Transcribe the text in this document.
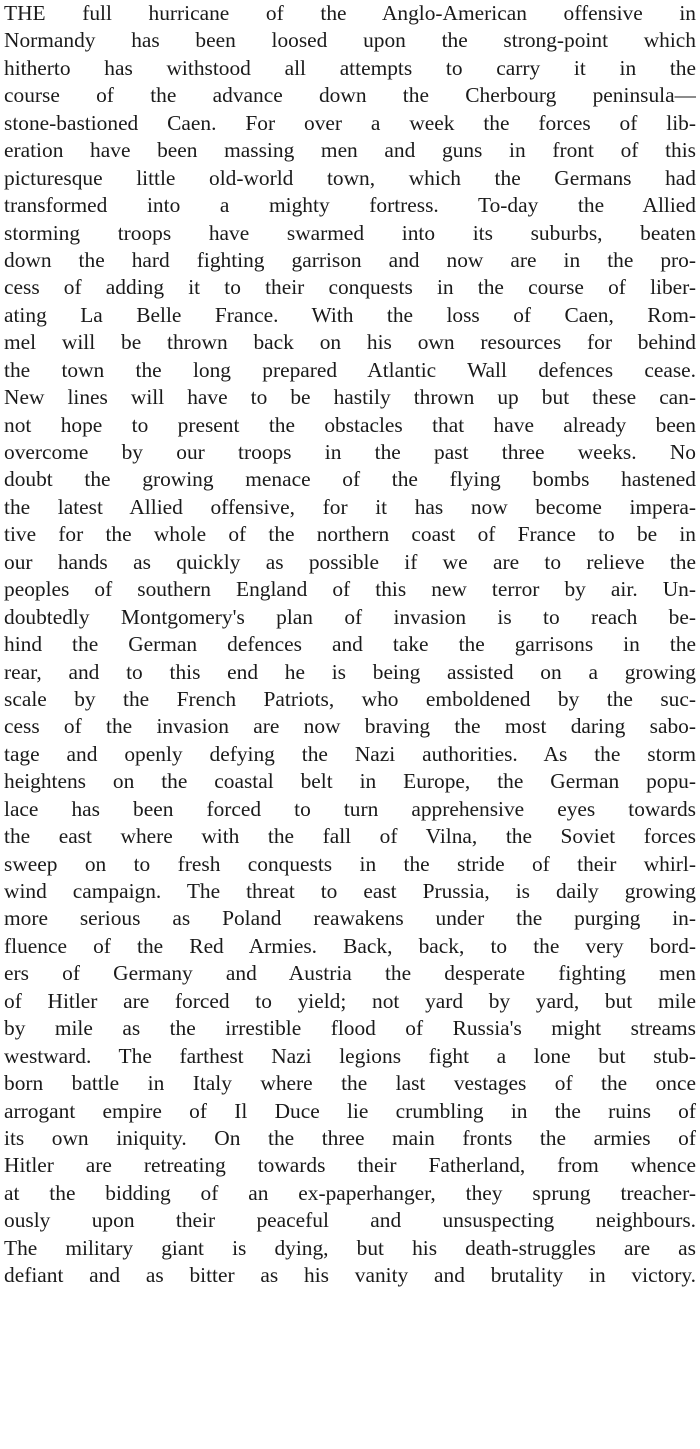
THE full hurricane of the Anglo-American offensive in
Normandy has been loosed upon the strong-point which
hitherto has withstood all attempts to carry it in the
course of the advance down the Cherbourg peninsula—
stone-bastioned Caen. For over a week the forces of lib-
eration have been massing men and guns in front of this
picturesque little old-world town, which the Germans had
transformed into a mighty fortress. To-day the Allied
storming troops have swarmed into its suburbs, beaten
down the hard fighting garrison and now are in the pro-
cess of adding it to their conquests in the course of liber-
ating La Belle France. With the loss of Caen, Rom-
mel will be thrown back on his own resources for behind
the town the long prepared Atlantic Wall defences cease.
New lines will have to be hastily thrown up but these can-
not hope to present the obstacles that have already been
overcome by our troops in the past three weeks. No
doubt the growing menace of the flying bombs hastened
the latest Allied offensive, for it has now become impera-
tive for the whole of the northern coast of France to be in
our hands as quickly as possible if we are to relieve the
peoples of southern England of this new terror by air. Un-
doubtedly Montgomery's plan of invasion is to reach be-
hind the German defences and take the garrisons in the
rear, and to this end he is being assisted on a growing
scale by the French Patriots, who emboldened by the suc-
cess of the invasion are now braving the most daring sabo-
tage and openly defying the Nazi authorities. As the storm
heightens on the coastal belt in Europe, the German popu-
lace has been forced to turn apprehensive eyes towards
the east where with the fall of Vilna, the Soviet forces
sweep on to fresh conquests in the stride of their whirl-
wind campaign. The threat to east Prussia, is daily growing
more serious as Poland reawakens under the purging in-
fluence of the Red Armies. Back, back, to the very bord-
ers of Germany and Austria the desperate fighting men
of Hitler are forced to yield; not yard by yard, but mile
by mile as the irrestible flood of Russia's might streams
westward. The farthest Nazi legions fight a lone but stub-
born battle in Italy where the last vestages of the once
arrogant empire of Il Duce lie crumbling in the ruins of
its own iniquity. On the three main fronts the armies of
Hitler are retreating towards their Fatherland, from whence
at the bidding of an ex-paperhanger, they sprung treacher-
ously upon their peaceful and unsuspecting neighbours.
The military giant is dying, but his death-struggles are as
defiant and as bitter as his vanity and brutality in victory.
